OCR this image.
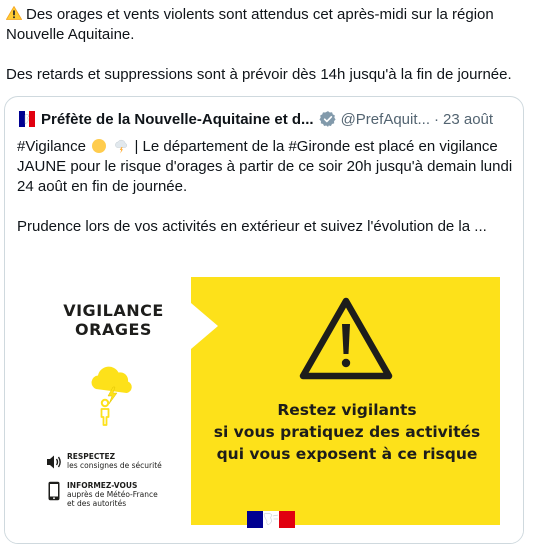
Des orages et vents violents sont attendus cet après-midi sur la région Nouvelle Aquitaine.

Des retards et suppressions sont à prévoir dès 14h jusqu'à la fin de journée.

Préfète de la Nouvelle-Aquitaine et d... @PrefAquit... · 23 août

#Vigilance	| Le département de la #Gironde est placé en vigilance JAUNE pour le risque d'orages à partir de ce soir 20h jusqu'à demain lundi 24 août en fin de journée.

Prudence lors de vos activités en extérieur et suivez l'évolution de la ...

VIGILANCE
ORAGES
RESPECTEZ
les consignes de sécurité
INFORMEZ-VOUS
auprès de Météo-France
et des autorités
Restez vigilants
si vous pratiquez des activités
qui vous exposent à ce risque
